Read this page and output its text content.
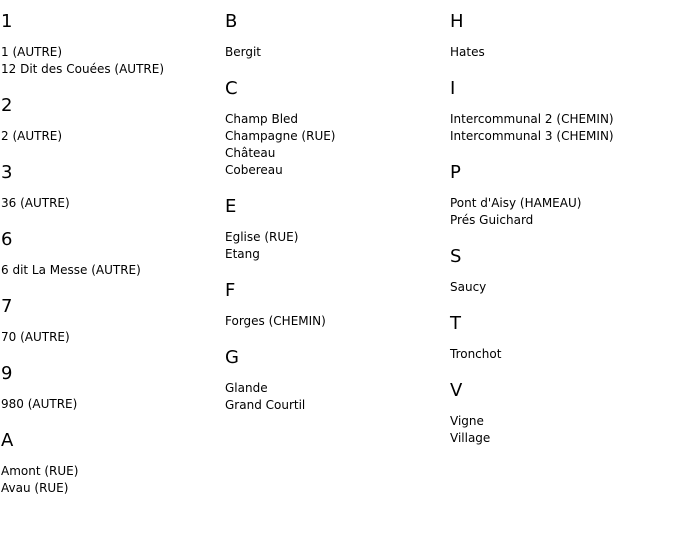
1
1 (AUTRE)
12 Dit des Couées (AUTRE)
2
2 (AUTRE)
3
36 (AUTRE)
6
6 dit La Messe (AUTRE)
7
70 (AUTRE)
9
980 (AUTRE)
A
Amont (RUE)
Avau (RUE)
B
Bergit
C
Champ Bled
Champagne (RUE)
Château
Cobereau
E
Eglise (RUE)
Etang
F
Forges (CHEMIN)
G
Glande
Grand Courtil
H
Hates
I
Intercommunal 2 (CHEMIN)
Intercommunal 3 (CHEMIN)
P
Pont d'Aisy (HAMEAU)
Prés Guichard
S
Saucy
T
Tronchot
V
Vigne
Village
